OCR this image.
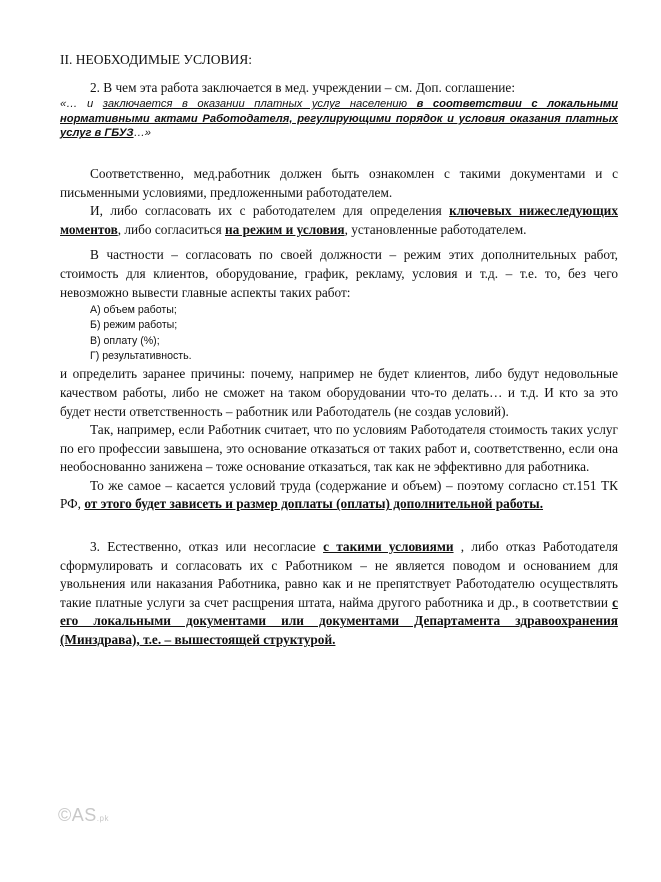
II. НЕОБХОДИМЫЕ УСЛОВИЯ:

2. В чем эта работа заключается в мед. учреждении – см. Доп. соглашение:

«… и заключается в оказании платных услуг населению в соответствии с локальными нормативными актами Работодателя, регулирующими порядок и условия оказания платных услуг в ГБУЗ…»

Соответственно, мед.работник должен быть ознакомлен с такими документами и с письменными условиями, предложенными работодателем.

И, либо согласовать их с работодателем для определения ключевых нижеследующих моментов, либо согласиться на режим и условия, установленные работодателем.

В частности – согласовать по своей должности – режим этих дополнительных работ, стоимость для клиентов, оборудование, график, рекламу, условия и т.д. – т.е. то, без чего невозможно вывести главные аспекты таких работ:

А) объем работы;
Б) режим работы;
В) оплату (%);
Г) результативность.

и определить заранее причины: почему, например не будет клиентов, либо будут недовольные качеством работы, либо не сможет на таком оборудовании что-то делать… и т.д. И кто за это будет нести ответственность – работник или Работодатель (не создав условий).

Так, например, если Работник считает, что по условиям Работодателя стоимость таких услуг по его профессии завышена, это основание отказаться от таких работ и, соответственно, если она необоснованно занижена – тоже основание отказаться, так как не эффективно для работника.

То же самое – касается условий труда (содержание и объем) – поэтому согласно ст.151 ТК РФ, от этого будет зависеть и размер доплаты (оплаты) дополнительной работы.

3. Естественно, отказ или несогласие с такими условиями , либо отказ Работодателя сформулировать и согласовать их с Работником – не является поводом и основанием для увольнения или наказания Работника, равно как и не препятствует Работодателю осуществлять такие платные услуги за счет расщрения штата, найма другого работника и др., в соответствии с его локальными документами или документами Департамента здравоохранения (Минздрава), т.е. – вышестоящей структурой.

©AS.pk
